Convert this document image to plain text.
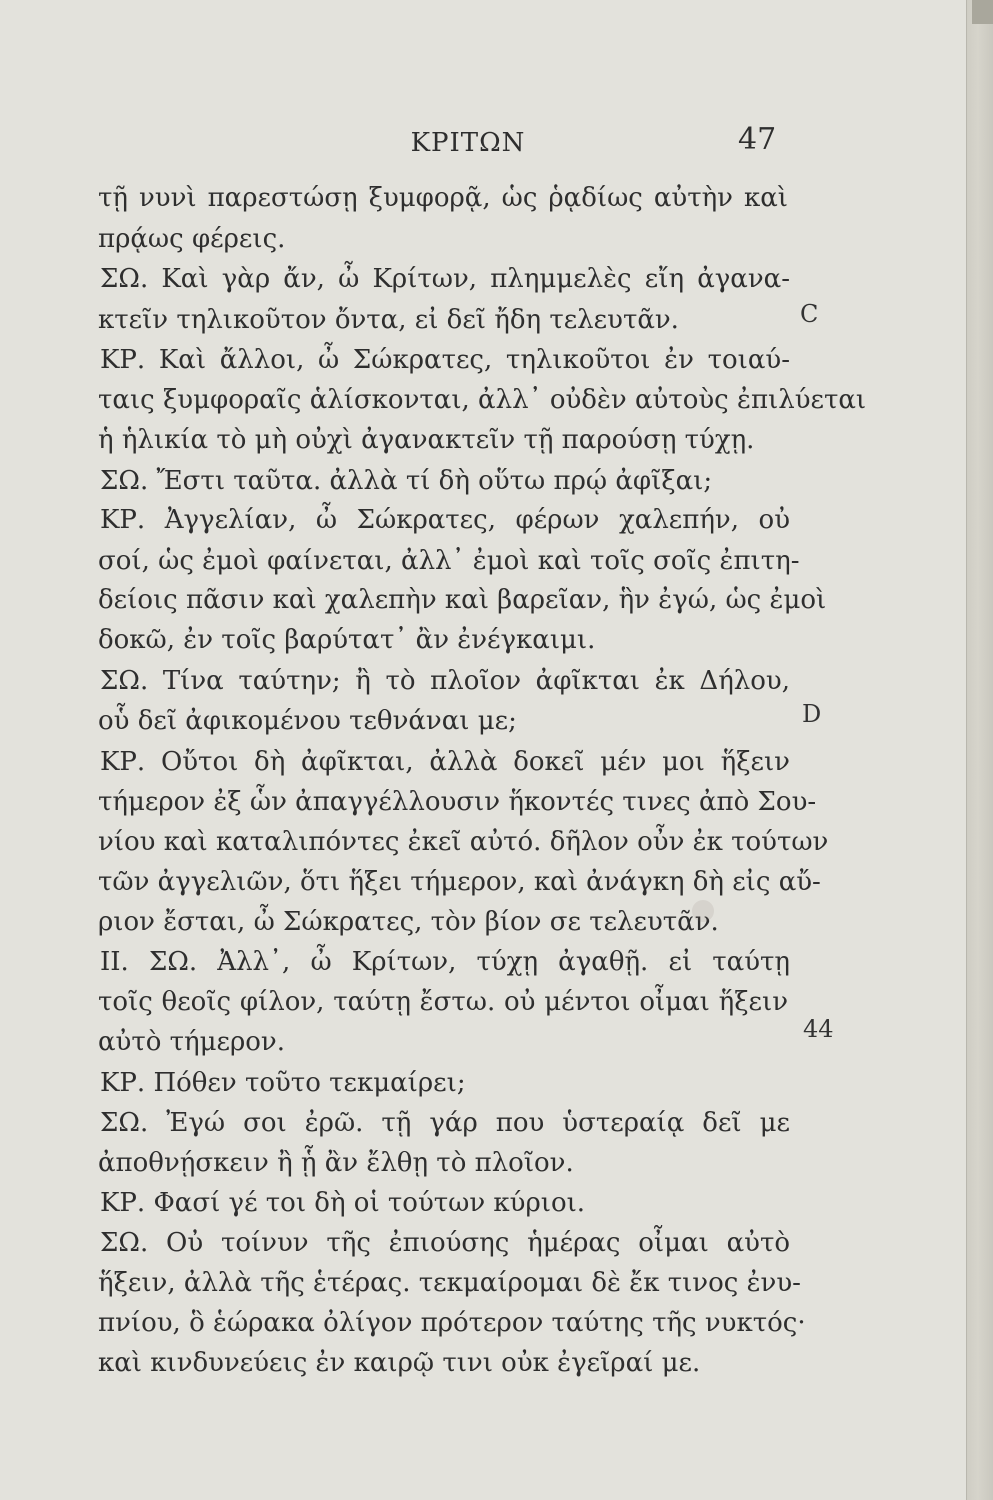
ΚΡΙΤΩΝ	47
τῇ νυνὶ παρεστώσῃ ξυμφορᾷ, ὡς ῥᾳδίως αὐτὴν καὶ
πρᾴως φέρεις.
ΣΩ. Καὶ γὰρ ἄν, ὦ Κρίτων, πλημμελὲς εἴη ἀγανα-
κτεῖν τηλικοῦτον ὄντα, εἰ δεῖ ἤδη τελευτᾶν.
ΚΡ. Καὶ ἄλλοι, ὦ Σώκρατες, τηλικοῦτοι ἐν τοιαύ-
ταις ξυμφοραῖς ἁλίσκονται, ἀλλ᾽ οὐδὲν αὐτοὺς ἐπιλύεται
ἡ ἡλικία τὸ μὴ οὐχὶ ἀγανακτεῖν τῇ παρούσῃ τύχῃ.
ΣΩ. Ἔστι ταῦτα. ἀλλὰ τί δὴ οὕτω πρῴ ἀφῖξαι;
ΚΡ. Ἀγγελίαν, ὦ Σώκρατες, φέρων χαλεπήν, οὐ
σοί, ὡς ἐμοὶ φαίνεται, ἀλλ᾽ ἐμοὶ καὶ τοῖς σοῖς ἐπιτη-
δείοις πᾶσιν καὶ χαλεπὴν καὶ βαρεῖαν, ἣν ἐγώ, ὡς ἐμοὶ
δοκῶ, ἐν τοῖς βαρύτατ᾽ ἂν ἐνέγκαιμι.
ΣΩ. Τίνα ταύτην; ἢ τὸ πλοῖον ἀφῖκται ἐκ Δήλου,
οὗ δεῖ ἀφικομένου τεθνάναι με;
ΚΡ. Οὔτοι δὴ ἀφῖκται, ἀλλὰ δοκεῖ μέν μοι ἥξειν
τήμερον ἐξ ὧν ἀπαγγέλλουσιν ἥκοντές τινες ἀπὸ Σου-
νίου καὶ καταλιπόντες ἐκεῖ αὐτό. δῆλον οὖν ἐκ τούτων
τῶν ἀγγελιῶν, ὅτι ἥξει τήμερον, καὶ ἀνάγκη δὴ εἰς αὔ-
ριον ἔσται, ὦ Σώκρατες, τὸν βίον σε τελευτᾶν.
II. ΣΩ. Ἀλλ᾽, ὦ Κρίτων, τύχῃ ἀγαθῇ. εἰ ταύτῃ
τοῖς θεοῖς φίλον, ταύτῃ ἔστω. οὐ μέντοι οἶμαι ἥξειν
αὐτὸ τήμερον.
ΚΡ. Πόθεν τοῦτο τεκμαίρει;
ΣΩ. Ἐγώ σοι ἐρῶ. τῇ γάρ που ὑστεραίᾳ δεῖ με
ἀποθνῄσκειν ἢ ᾗ ἂν ἔλθῃ τὸ πλοῖον.
ΚΡ. Φασί γέ τοι δὴ οἱ τούτων κύριοι.
ΣΩ. Οὐ τοίνυν τῆς ἐπιούσης ἡμέρας οἶμαι αὐτὸ
ἥξειν, ἀλλὰ τῆς ἑτέρας. τεκμαίρομαι δὲ ἔκ τινος ἐνυ-
πνίου, ὃ ἑώρακα ὀλίγον πρότερον ταύτης τῆς νυκτός·
καὶ κινδυνεύεις ἐν καιρῷ τινι οὐκ ἐγεῖραί με.
C
D
44
